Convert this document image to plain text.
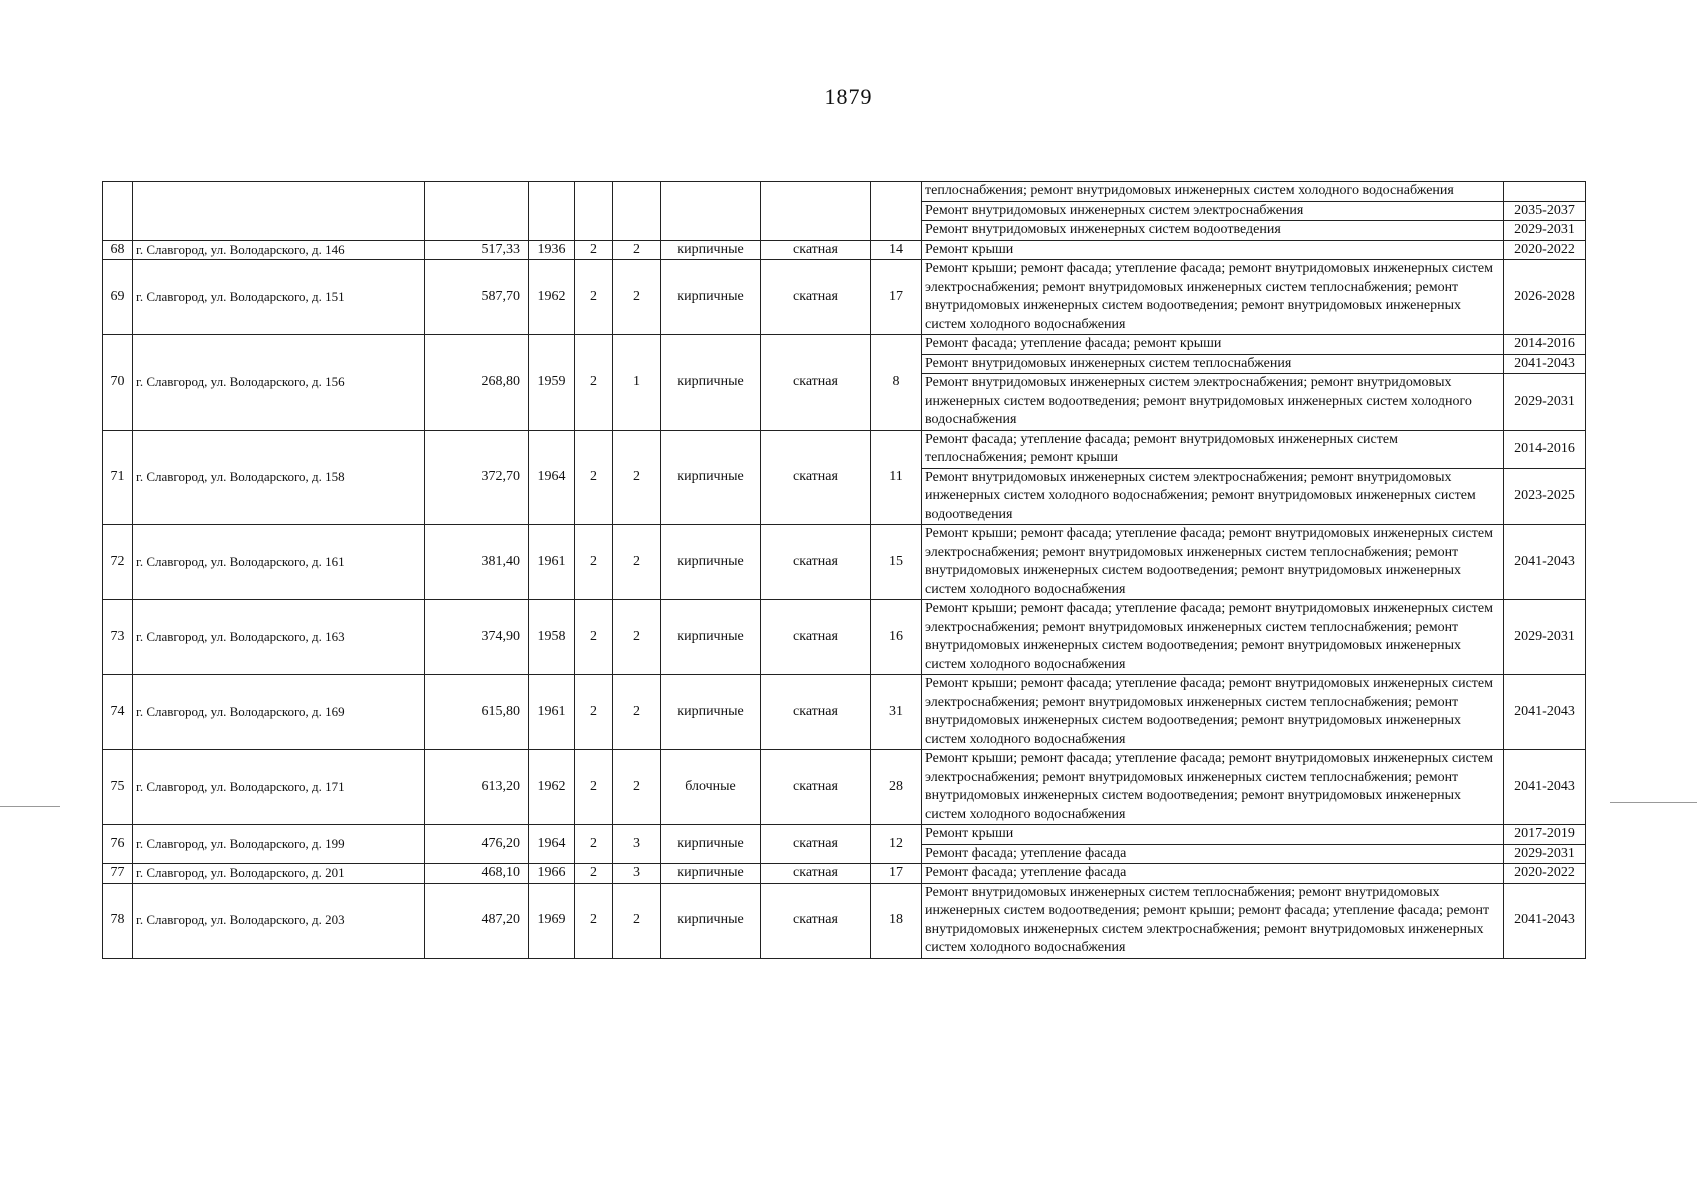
1879
									теплоснабжения; ремонт внутридомовых инженерных систем холодного водоснабжения	
									Ремонт внутридомовых инженерных систем электроснабжения	2035-2037
									Ремонт внутридомовых инженерных систем водоотведения	2029-2031
68	г. Славгород, ул. Володарского, д. 146	517,33	1936	2	2	кирпичные	скатная	14	Ремонт крыши	2020-2022
69	г. Славгород, ул. Володарского, д. 151	587,70	1962	2	2	кирпичные	скатная	17	Ремонт крыши; ремонт фасада; утепление фасада; ремонт внутридомовых инженерных систем электроснабжения; ремонт внутридомовых инженерных систем теплоснабжения; ремонт внутридомовых инженерных систем водоотведения; ремонт внутридомовых инженерных систем холодного водоснабжения	2026-2028
70	г. Славгород, ул. Володарского, д. 156	268,80	1959	2	1	кирпичные	скатная	8	Ремонт фасада; утепление фасада; ремонт крыши	2014-2016
									Ремонт внутридомовых инженерных систем теплоснабжения	2041-2043
									Ремонт внутридомовых инженерных систем электроснабжения; ремонт внутридомовых инженерных систем водоотведения; ремонт внутридомовых инженерных систем холодного водоснабжения	2029-2031
71	г. Славгород, ул. Володарского, д. 158	372,70	1964	2	2	кирпичные	скатная	11	Ремонт фасада; утепление фасада; ремонт внутридомовых инженерных систем теплоснабжения; ремонт крыши	2014-2016
									Ремонт внутридомовых инженерных систем электроснабжения; ремонт внутридомовых инженерных систем холодного водоснабжения; ремонт внутридомовых инженерных систем водоотведения	2023-2025
72	г. Славгород, ул. Володарского, д. 161	381,40	1961	2	2	кирпичные	скатная	15	Ремонт крыши; ремонт фасада; утепление фасада; ремонт внутридомовых инженерных систем электроснабжения; ремонт внутридомовых инженерных систем теплоснабжения; ремонт внутридомовых инженерных систем водоотведения; ремонт внутридомовых инженерных систем холодного водоснабжения	2041-2043
73	г. Славгород, ул. Володарского, д. 163	374,90	1958	2	2	кирпичные	скатная	16	Ремонт крыши; ремонт фасада; утепление фасада; ремонт внутридомовых инженерных систем электроснабжения; ремонт внутридомовых инженерных систем теплоснабжения; ремонт внутридомовых инженерных систем водоотведения; ремонт внутридомовых инженерных систем холодного водоснабжения	2029-2031
74	г. Славгород, ул. Володарского, д. 169	615,80	1961	2	2	кирпичные	скатная	31	Ремонт крыши; ремонт фасада; утепление фасада; ремонт внутридомовых инженерных систем электроснабжения; ремонт внутридомовых инженерных систем теплоснабжения; ремонт внутридомовых инженерных систем водоотведения; ремонт внутридомовых инженерных систем холодного водоснабжения	2041-2043
75	г. Славгород, ул. Володарского, д. 171	613,20	1962	2	2	блочные	скатная	28	Ремонт крыши; ремонт фасада; утепление фасада; ремонт внутридомовых инженерных систем электроснабжения; ремонт внутридомовых инженерных систем теплоснабжения; ремонт внутридомовых инженерных систем водоотведения; ремонт внутридомовых инженерных систем холодного водоснабжения	2041-2043
76	г. Славгород, ул. Володарского, д. 199	476,20	1964	2	3	кирпичные	скатная	12	Ремонт крыши	2017-2019
									Ремонт фасада; утепление фасада	2029-2031
77	г. Славгород, ул. Володарского, д. 201	468,10	1966	2	3	кирпичные	скатная	17	Ремонт фасада; утепление фасада	2020-2022
78	г. Славгород, ул. Володарского, д. 203	487,20	1969	2	2	кирпичные	скатная	18	Ремонт внутридомовых инженерных систем теплоснабжения; ремонт внутридомовых инженерных систем водоотведения; ремонт крыши; ремонт фасада; утепление фасада; ремонт внутридомовых инженерных систем электроснабжения; ремонт внутридомовых инженерных систем холодного водоснабжения	2041-2043
